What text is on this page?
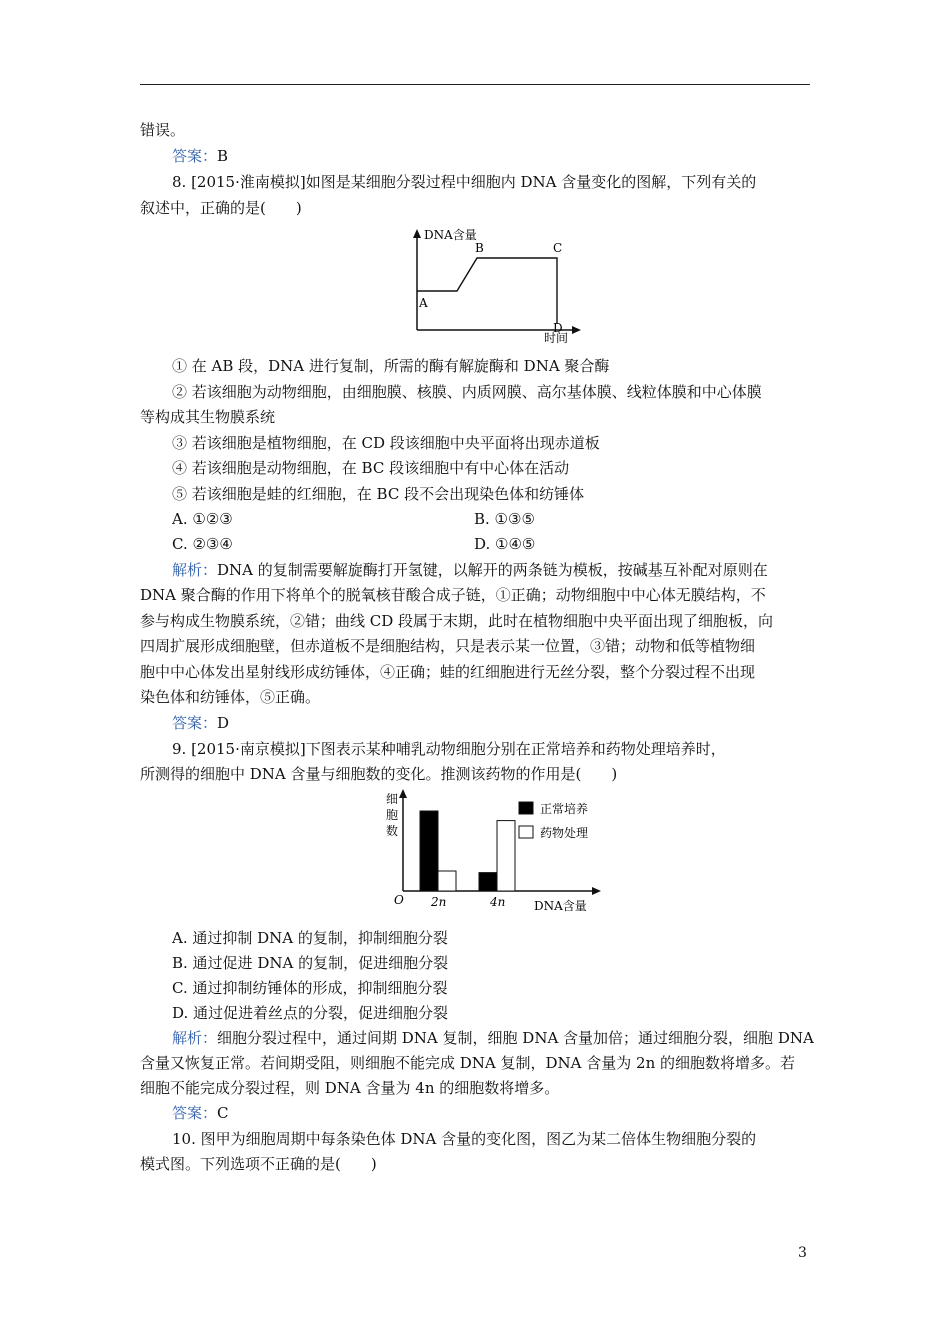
错误。
答案：B
8. [2015·淮南模拟]如图是某细胞分裂过程中细胞内 DNA 含量变化的图解，下列有关的
叙述中，正确的是(　　)
DNA含量
时间
A
B	C
D
① 在 AB 段，DNA 进行复制，所需的酶有解旋酶和 DNA 聚合酶
② 若该细胞为动物细胞，由细胞膜、核膜、内质网膜、高尔基体膜、线粒体膜和中心体膜
等构成其生物膜系统
③ 若该细胞是植物细胞，在 CD 段该细胞中央平面将出现赤道板
④ 若该细胞是动物细胞，在 BC 段该细胞中有中心体在活动
⑤ 若该细胞是蛙的红细胞，在 BC 段不会出现染色体和纺锤体
A. ①②③	B. ①③⑤
C. ②③④	D. ①④⑤
解析：DNA 的复制需要解旋酶打开氢键，以解开的两条链为模板，按碱基互补配对原则在
DNA 聚合酶的作用下将单个的脱氧核苷酸合成子链，①正确；动物细胞中中心体无膜结构，不
参与构成生物膜系统，②错；曲线 CD 段属于末期，此时在植物细胞中央平面出现了细胞板，向
四周扩展形成细胞壁，但赤道板不是细胞结构，只是表示某一位置，③错；动物和低等植物细
胞中中心体发出星射线形成纺锤体，④正确；蛙的红细胞进行无丝分裂，整个分裂过程不出现
染色体和纺锤体，⑤正确。
答案：D
9. [2015·南京模拟]下图表示某种哺乳动物细胞分别在正常培养和药物处理培养时，
所测得的细胞中 DNA 含量与细胞数的变化。推测该药物的作用是(　　)
细
胞
数
O	DNA含量
2n	4n
正常培养
药物处理
A. 通过抑制 DNA 的复制，抑制细胞分裂
B. 通过促进 DNA 的复制，促进细胞分裂
C. 通过抑制纺锤体的形成，抑制细胞分裂
D. 通过促进着丝点的分裂，促进细胞分裂
解析：细胞分裂过程中，通过间期 DNA 复制，细胞 DNA 含量加倍；通过细胞分裂，细胞 DNA
含量又恢复正常。若间期受阻，则细胞不能完成 DNA 复制，DNA 含量为 2n 的细胞数将增多。若
细胞不能完成分裂过程，则 DNA 含量为 4n 的细胞数将增多。
答案：C
10. 图甲为细胞周期中每条染色体 DNA 含量的变化图，图乙为某二倍体生物细胞分裂的
模式图。下列选项不正确的是(　　)
3
